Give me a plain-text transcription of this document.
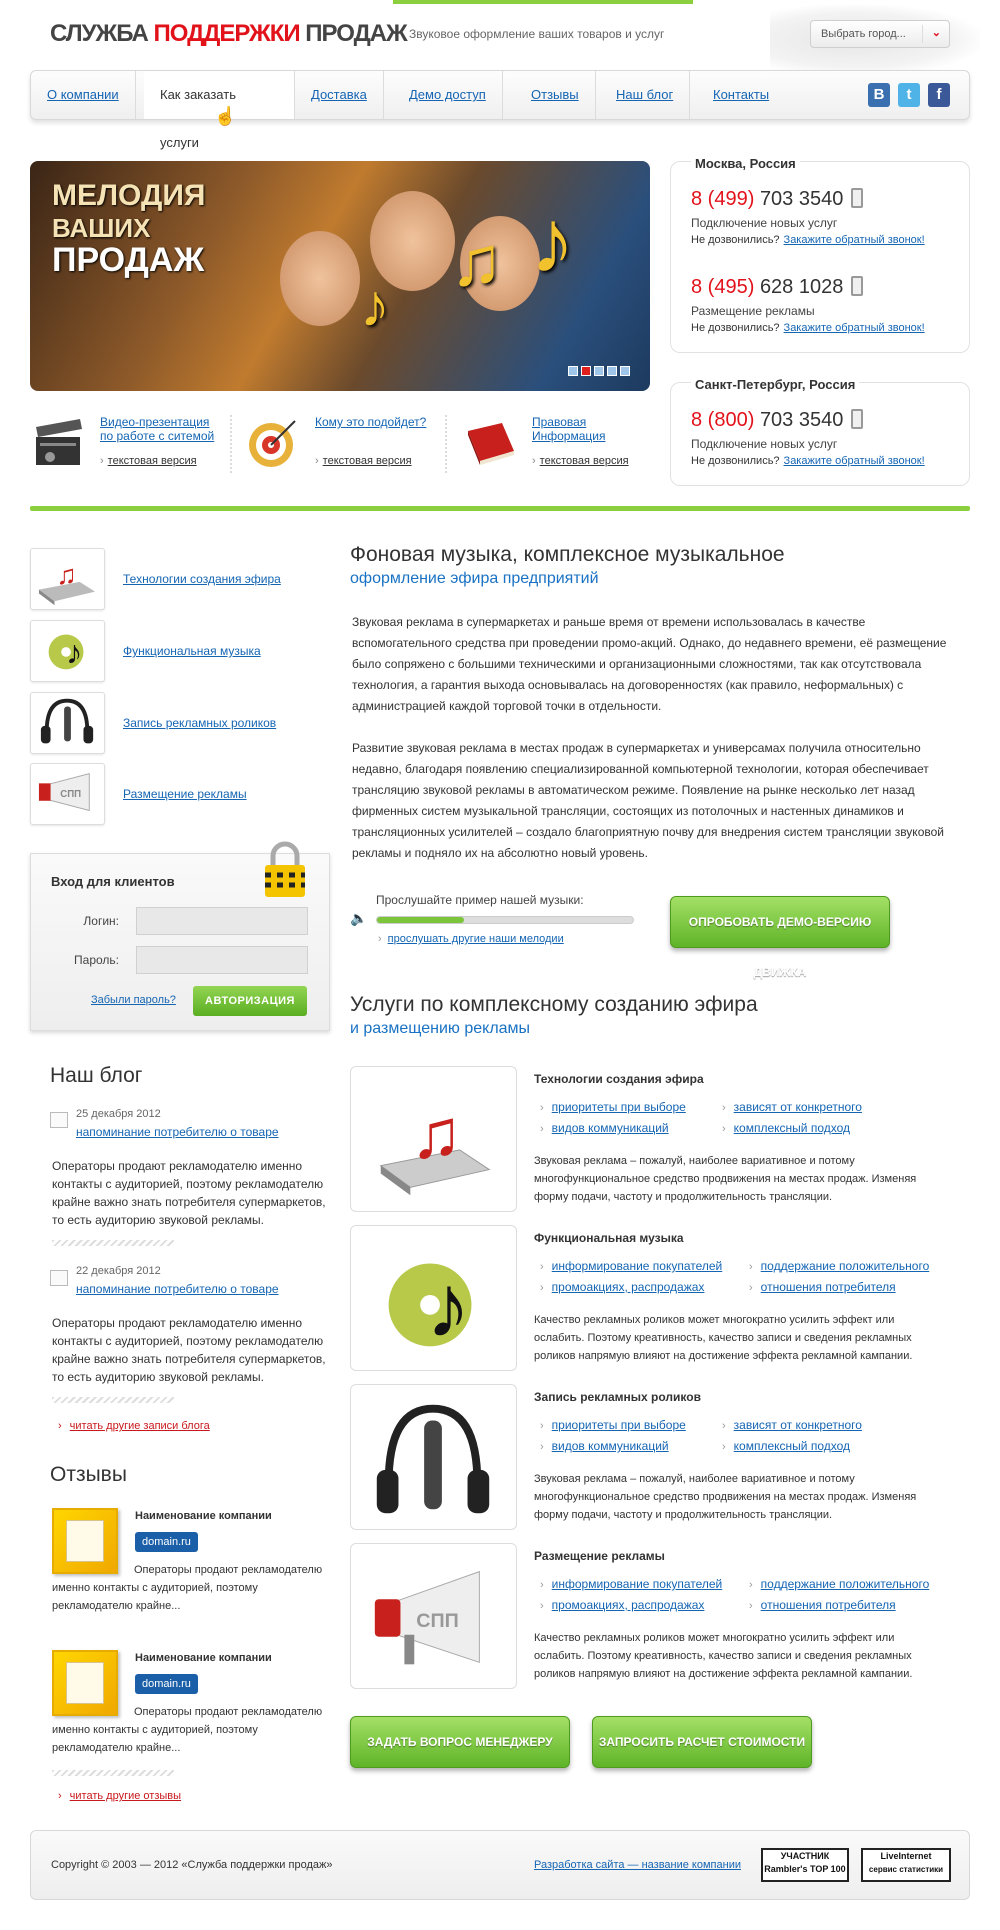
СЛУЖБА ПОДДЕРЖКИ ПРОДАЖ Звуковое оформление ваших товаров и услуг	Выбрать город... ⌄
О компании	Как заказать услуги
Доставка	Демо доступ	Отзывы	Наш блог	Контакты	B	t	f
☝
♪
♫ ♪
МЕЛОДИЯ
ВАШИХ
ПРОДАЖ
Москва, Россия
8 (499) 703 3540
Подключение новых услуг
Не дозвонились? Закажите обратный звонок!
8 (495) 628 1028
Размещение рекламы
Не дозвонились? Закажите обратный звонок!
Санкт-Петербург, Россия
8 (800) 703 3540
Подключение новых услуг
Не дозвонились? Закажите обратный звонок!
Видео-презентация
по работе с ситемой
› текстовая версия
Кому это подойдет?
› текстовая версия
Правовая
Информация
› текстовая версия
♫	Технологии создания эфира
♪	Функциональная музыка
Запись рекламных роликов
СПП	Размещение рекламы
Вход для клиентов
Логин:
Пароль:
Забыли пароль?	АВТОРИЗАЦИЯ
Наш блог
25 декабря 2012
напоминание потребителю о товаре
Операторы продают рекламодателю именно контакты с аудиторией, поэтому рекламодателю крайне важно знать потребителя супермаркетов, то есть аудиторию звуковой рекламы.
22 декабря 2012
напоминание потребителю о товаре
Операторы продают рекламодателю именно контакты с аудиторией, поэтому рекламодателю крайне важно знать потребителя супермаркетов, то есть аудиторию звуковой рекламы.
› читать другие записи блога
Отзывы
Наименование компании
domain.ru
Операторы продают рекламодателю именно контакты с аудиторией, поэтому рекламодателю крайне...
Наименование компании
domain.ru
Операторы продают рекламодателю именно контакты с аудиторией, поэтому рекламодателю крайне...
› читать другие отзывы
Фоновая музыка, комплексное музыкальное
оформление эфира предприятий
Звуковая реклама в супермаркетах и раньше время от времени использовалась в качестве вспомогательного средства при проведении промо-акций. Однако, до недавнего времени, её размещение было сопряжено с большими техническими и организационными сложностями, так как отсутствовала технология, а гарантия выхода основывалась на договоренностях (как правило, неформальных) с администрацией каждой торговой точки в отдельности.
Развитие звуковая реклама в местах продаж в супермаркетах и универсамах получила относительно недавно, благодаря появлению специализированной компьютерной технологии, которая обеспечивает трансляцию звуковой рекламы в автоматическом режиме. Появление на рынке несколько лет назад фирменных систем музыкальной трансляции, состоящих из потолочных и настенных динамиков и трансляционных усилителей – создало благоприятную почву для внедрения систем трансляции звуковой рекламы и подняло их на абсолютно новый уровень.
🔈
Прослушайте пример нашей музыки:
› прослушать другие наши мелодии
ОПРОБОВАТЬ ДЕМО-ВЕРСИЮ ДВИЖКА
Услуги по комплексному созданию эфира
и размещению рекламы
♫
Технологии создания эфира
› приоритеты при выборе	› зависят от конкретного
› видов коммуникаций	› комплексный подход
Звуковая реклама – пожалуй, наиболее вариативное и потому многофункциональное средство продвижения на местах продаж. Изменяя форму подачи, частоту и продолжительность трансляции.
♪
Функциональная музыка
› информирование покупателей › поддержание положительного
› промоакциях, распродажах	› отношения потребителя
Качество рекламных роликов может многократно усилить эффект или ослабить. Поэтому креативность, качество записи и сведения рекламных роликов напрямую влияют на достижение эффекта рекламной кампании.
Запись рекламных роликов
› приоритеты при выборе	› зависят от конкретного
› видов коммуникаций	› комплексный подход
Звуковая реклама – пожалуй, наиболее вариативное и потому многофункциональное средство продвижения на местах продаж. Изменяя форму подачи, частоту и продолжительность трансляции.
СПП
Размещение рекламы
› информирование покупателей › поддержание положительного
› промоакциях, распродажах	› отношения потребителя
Качество рекламных роликов может многократно усилить эффект или ослабить. Поэтому креативность, качество записи и сведения рекламных роликов напрямую влияют на достижение эффекта рекламной кампании.
ЗАДАТЬ ВОПРОС МЕНЕДЖЕРУ	ЗАПРОСИТЬ РАСЧЕТ СТОИМОСТИ
Copyright © 2003 — 2012 «Служба поддержки продаж»	Разработка сайта — название компании
УЧАСТНИК
Rambler's TOP 100
LiveInternet
сервис статистики
